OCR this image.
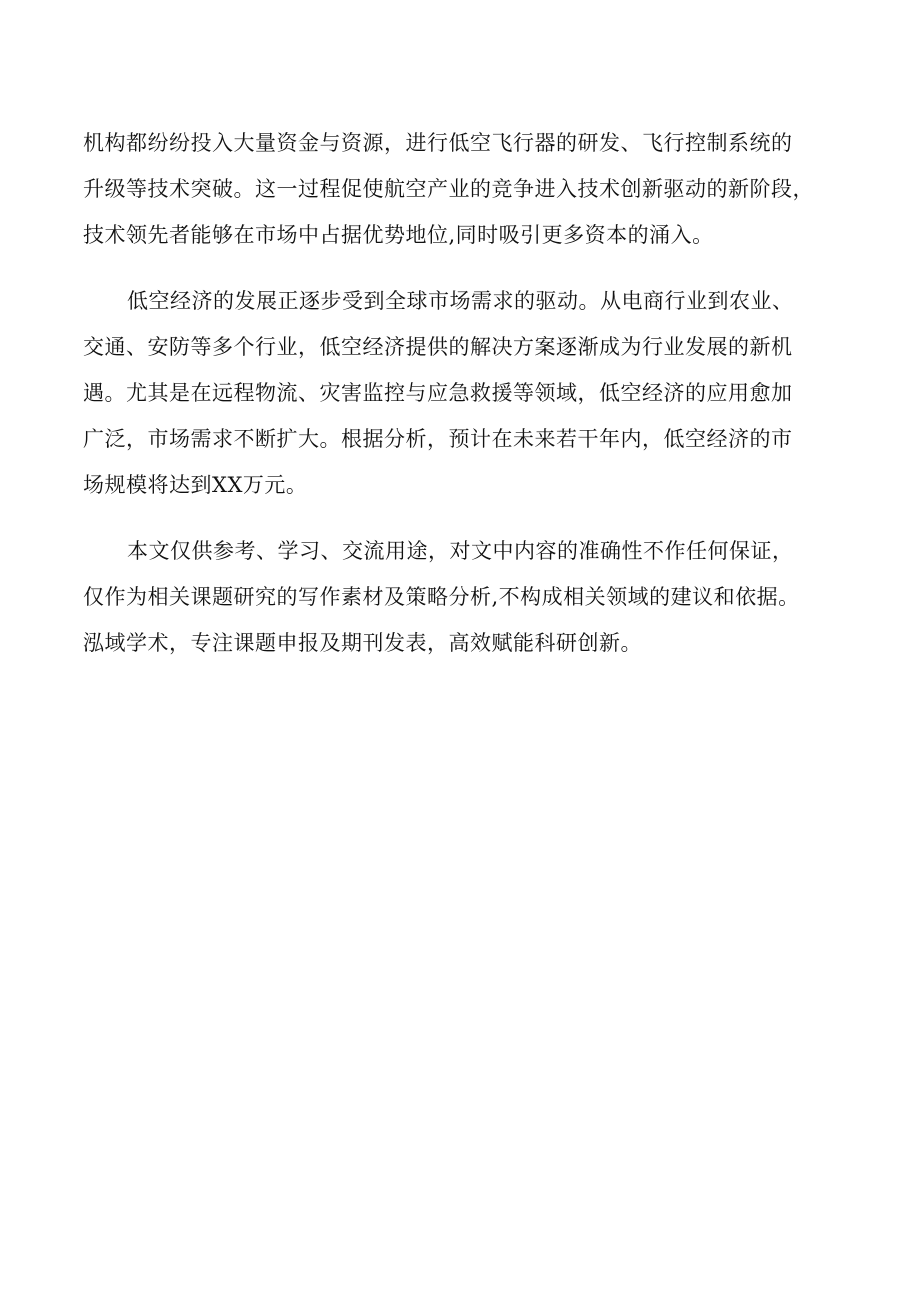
机构都纷纷投入大量资金与资源，进行低空飞行器的研发、飞行控制系统的
升级等技术突破。这一过程促使航空产业的竞争进入技术创新驱动的新阶段，
技术领先者能够在市场中占据优势地位,同时吸引更多资本的涌入。
低空经济的发展正逐步受到全球市场需求的驱动。从电商行业到农业、
交通、安防等多个行业，低空经济提供的解决方案逐渐成为行业发展的新机
遇。尤其是在远程物流、灾害监控与应急救援等领域，低空经济的应用愈加
广泛，市场需求不断扩大。根据分析，预计在未来若干年内，低空经济的市
场规模将达到XX万元。
本文仅供参考、学习、交流用途，对文中内容的准确性不作任何保证，
仅作为相关课题研究的写作素材及策略分析,不构成相关领域的建议和依据。
泓域学术，专注课题申报及期刊发表，高效赋能科研创新。
